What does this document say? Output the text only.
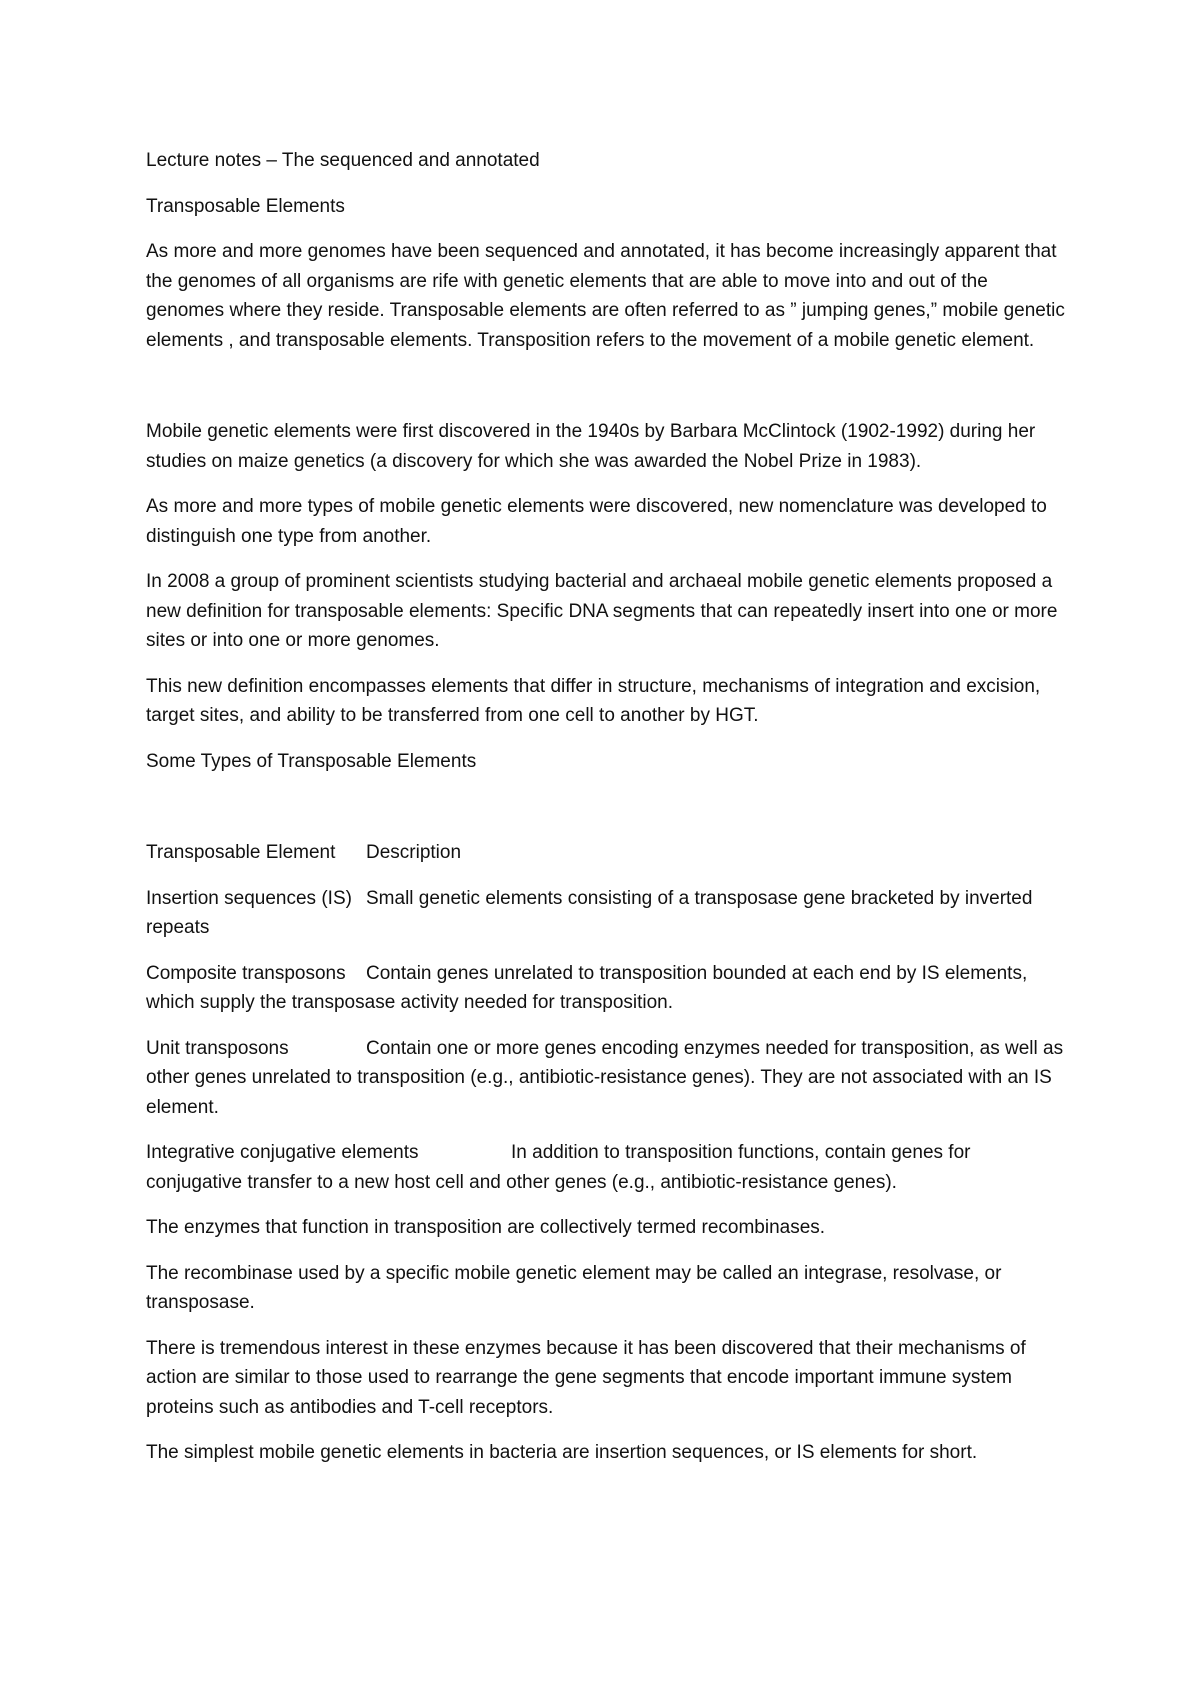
Lecture notes – The sequenced and annotated

Transposable Elements

As more and more genomes have been sequenced and annotated, it has become increasingly apparent that the genomes of all organisms are rife with genetic elements that are able to move into and out of the genomes where they reside. Transposable elements are often referred to as ” jumping genes,” mobile genetic elements , and transposable elements. Transposition refers to the movement of a mobile genetic element.

Mobile genetic elements were first discovered in the 1940s by Barbara McClintock (1902-1992) during her studies on maize genetics (a discovery for which she was awarded the Nobel Prize in 1983).

As more and more types of mobile genetic elements were discovered, new nomenclature was developed to distinguish one type from another.

In 2008 a group of prominent scientists studying bacterial and archaeal mobile genetic elements proposed a new definition for transposable elements: Specific DNA segments that can repeatedly insert into one or more sites or into one or more genomes.

This new definition encompasses elements that differ in structure, mechanisms of integration and excision, target sites, and ability to be transferred from one cell to another by HGT.

Some Types of Transposable Elements

Transposable Element Description

Insertion sequences (IS) Small genetic elements consisting of a transposase gene bracketed by inverted repeats

Composite transposons Contain genes unrelated to transposition bounded at each end by IS elements, which supply the transposase activity needed for transposition.

Unit transposons	Contain one or more genes encoding enzymes needed for transposition, as well as other genes unrelated to transposition (e.g., antibiotic-resistance genes). They are not associated with an IS element.

Integrative conjugative elements	In addition to transposition functions, contain genes for conjugative transfer to a new host cell and other genes (e.g., antibiotic-resistance genes).

The enzymes that function in transposition are collectively termed recombinases.

The recombinase used by a specific mobile genetic element may be called an integrase, resolvase, or transposase.

There is tremendous interest in these enzymes because it has been discovered that their mechanisms of action are similar to those used to rearrange the gene segments that encode important immune system proteins such as antibodies and T-cell receptors.

The simplest mobile genetic elements in bacteria are insertion sequences, or IS elements for short.
